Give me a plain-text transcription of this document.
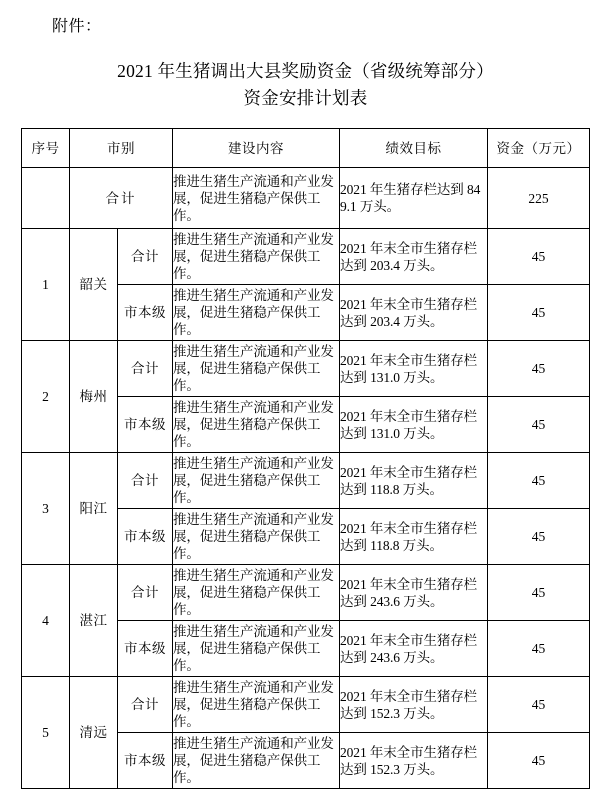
附件：
2021 年生猪调出大县奖励资金（省级统筹部分）
资金安排计划表
序号	市别		建设内容	绩效目标	资金（万元）
	合计		推进生猪生产流通和产业发展，促进生猪稳产保供工作。	2021 年生猪存栏达到 849.1 万头。	225
1	韶关	合计	推进生猪生产流通和产业发展，促进生猪稳产保供工作。	2021 年末全市生猪存栏达到 203.4 万头。	45
		市本级	推进生猪生产流通和产业发展，促进生猪稳产保供工作。	2021 年末全市生猪存栏达到 203.4 万头。	45
2	梅州	合计	推进生猪生产流通和产业发展，促进生猪稳产保供工作。	2021 年末全市生猪存栏达到 131.0 万头。	45
		市本级	推进生猪生产流通和产业发展，促进生猪稳产保供工作。	2021 年末全市生猪存栏达到 131.0 万头。	45
3	阳江	合计	推进生猪生产流通和产业发展，促进生猪稳产保供工作。	2021 年末全市生猪存栏达到 118.8 万头。	45
		市本级	推进生猪生产流通和产业发展，促进生猪稳产保供工作。	2021 年末全市生猪存栏达到 118.8 万头。	45
4	湛江	合计	推进生猪生产流通和产业发展，促进生猪稳产保供工作。	2021 年末全市生猪存栏达到 243.6 万头。	45
		市本级	推进生猪生产流通和产业发展，促进生猪稳产保供工作。	2021 年末全市生猪存栏达到 243.6 万头。	45
5	清远	合计	推进生猪生产流通和产业发展，促进生猪稳产保供工作。	2021 年末全市生猪存栏达到 152.3 万头。	45
		市本级	推进生猪生产流通和产业发展，促进生猪稳产保供工作。	2021 年末全市生猪存栏达到 152.3 万头。	45
